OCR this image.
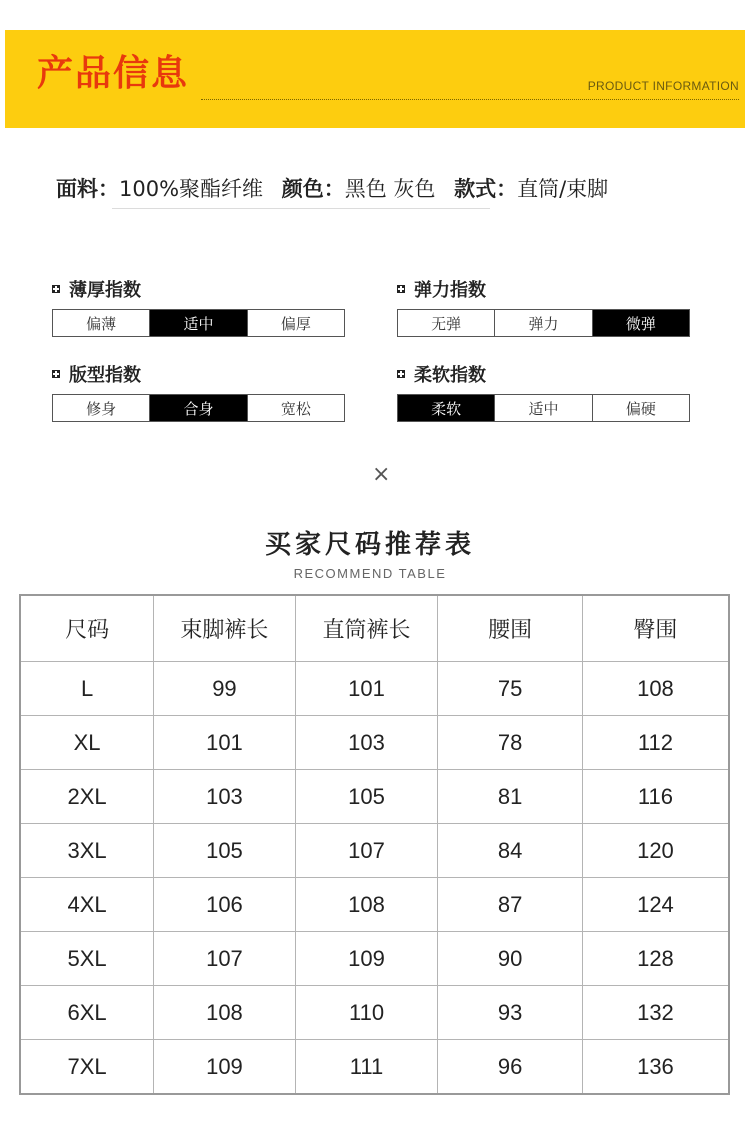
产品信息	PRODUCT INFORMATION
面料：100%聚酯纤维 颜色：黑色 灰色 款式：直筒/束脚
薄厚指数
偏薄	适中	偏厚
弹力指数
无弹	弹力	微弹
版型指数
修身	合身	宽松
柔软指数
柔软	适中	偏硬
×
买家尺码推荐表
RECOMMEND TABLE
尺码	束脚裤长	直筒裤长	腰围	臀围
L	99	101	75	108
XL	101	103	78	112
2XL	103	105	81	116
3XL	105	107	84	120
4XL	106	108	87	124
5XL	107	109	90	128
6XL	108	110	93	132
7XL	109	111	96	136
